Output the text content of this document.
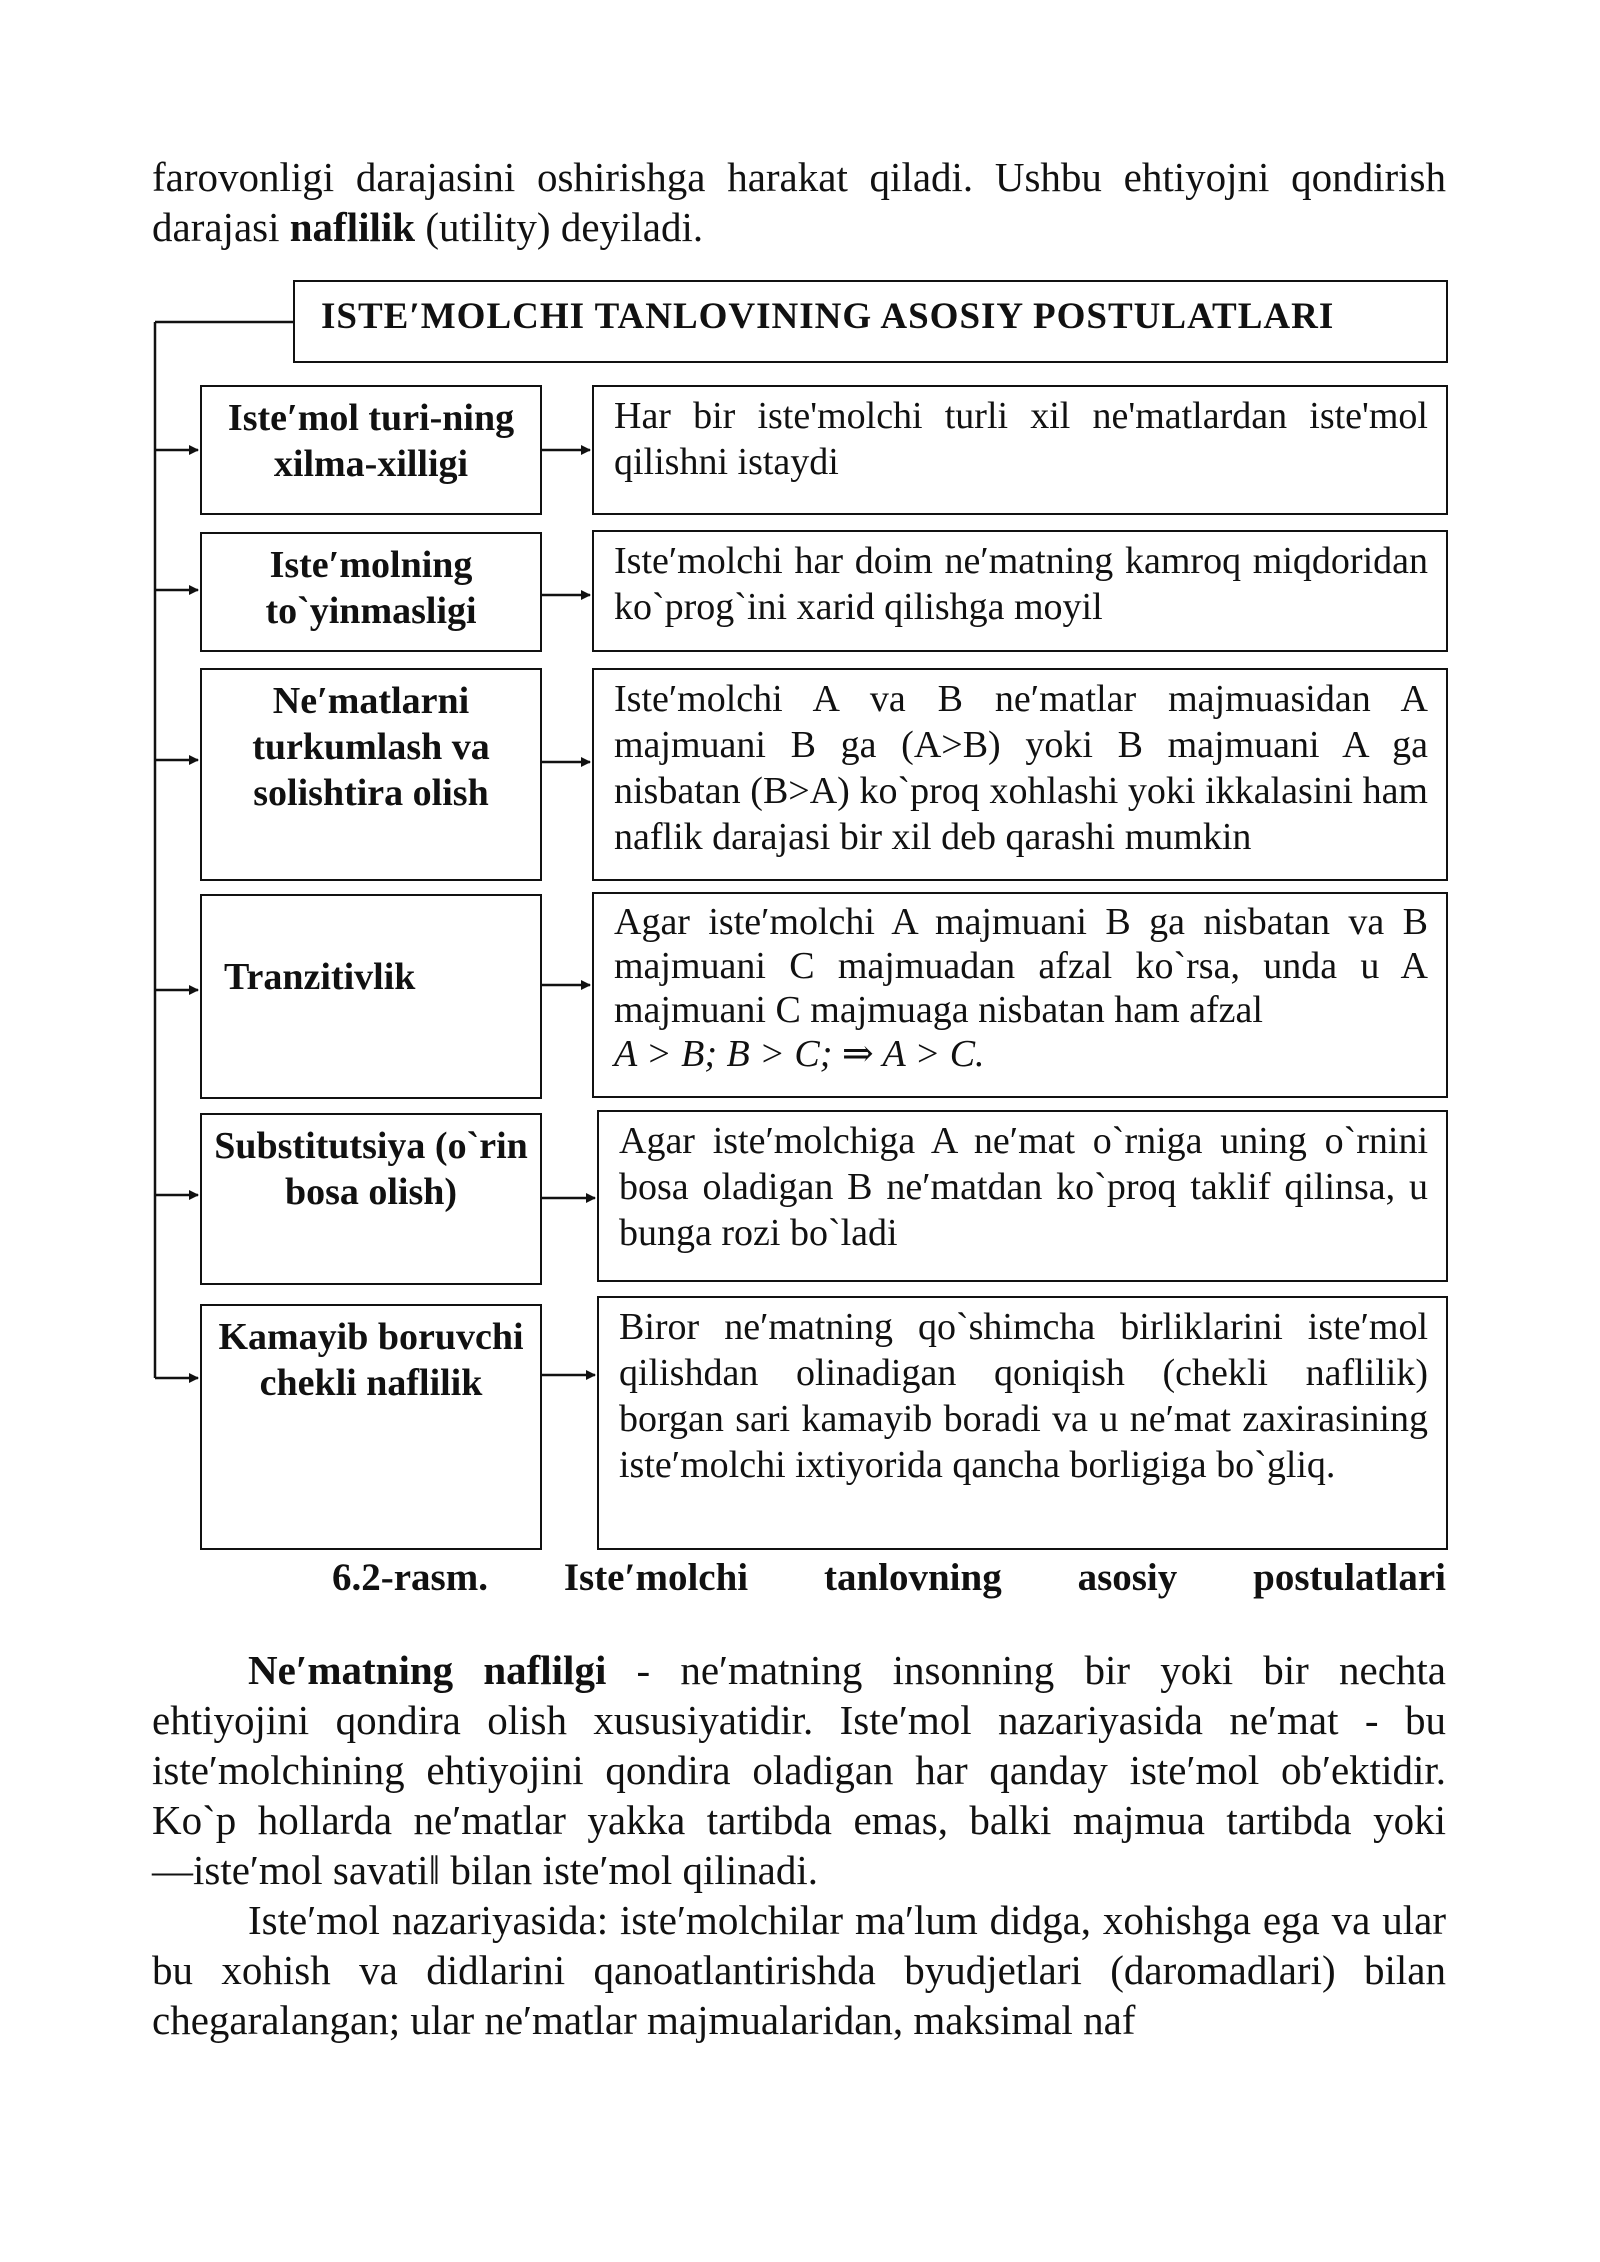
farovonligi darajasini oshirishga harakat qiladi. Ushbu ehtiyojni qondirish
darajasi naflilik (utility) deyiladi.
ISTE′MOLCHI TANLOVINING ASOSIY POSTULATLARI
Iste′mol turi-ning xilma-xilligi
Har bir iste'molchi turli xil ne'matlardan iste'mol qilishni istaydi
Iste′molning to`yinmasligi
Iste′molchi har doim ne′matning kamroq miqdoridan ko`prog`ini xarid qilishga moyil
Ne′matlarni turkumlash va solishtira olish
Iste′molchi A va B ne′matlar majmuasidan A majmuani B ga (A>B) yoki B majmuani A ga nisbatan (B>A) ko`proq xohlashi yoki ikkalasini ham naflik darajasi bir xil deb qarashi mumkin
Tranzitivlik
Agar iste′molchi A majmuani B ga nisbatan va B majmuani C majmuadan afzal ko`rsa, unda u A majmuani C majmuaga nisbatan ham afzal
A > B; B > C; ⇒ A > C.
Substitutsiya (o`rin bosa olish)
Agar iste′molchiga A ne′mat o`rniga uning o`rnini bosa oladigan B ne′matdan ko`proq taklif qilinsa, u bunga rozi bo`ladi
Kamayib boruvchi chekli naflilik
Biror ne′matning qo`shimcha birliklarini iste′mol qilishdan olinadigan qoniqish (chekli naflilik) borgan sari kamayib boradi va u ne′mat zaxirasining iste′molchi ixtiyorida qancha borligiga bo`gliq.
6.2-rasm. Iste′molchi tanlovning asosiy postulatlari
Ne′matning naflilgi - ne′matning insonning bir yoki bir nechta ehtiyojini qondira olish xususiyatidir. Iste′mol nazariyasida ne′mat - bu iste′molchining ehtiyojini qondira oladigan har qanday iste′mol ob′ektidir. Ko`p hollarda ne′matlar yakka tartibda emas, balki majmua tartibda yoki ―iste′mol savati‖ bilan iste′mol qilinadi.
Iste′mol nazariyasida: iste′molchilar ma′lum didga, xohishga ega va ular bu xohish va didlarini qanoatlantirishda byudjetlari (daromadlari) bilan chegaralangan; ular ne′matlar majmualaridan, maksimal naf
